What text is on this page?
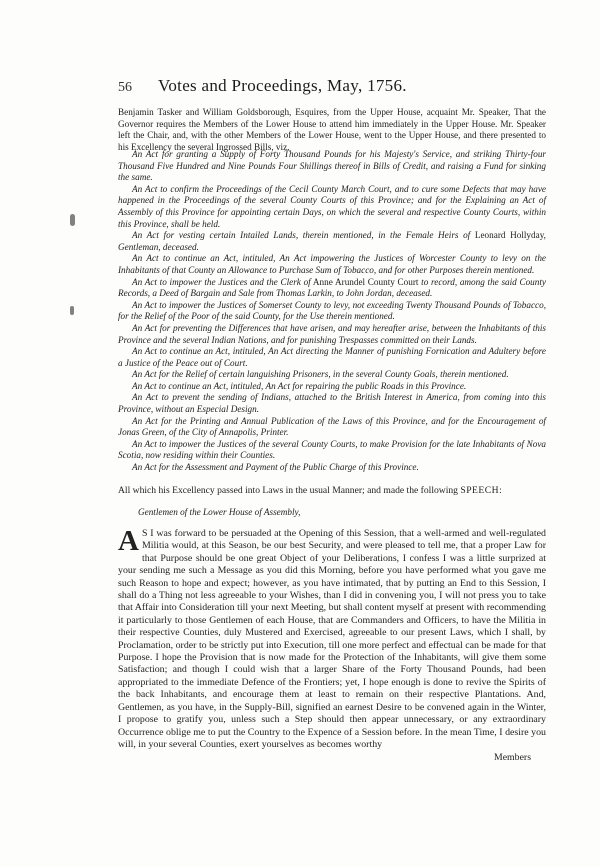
56	Votes and Proceedings, May, 1756.
Benjamin Tasker and William Goldsborough, Esquires, from the Upper House, acquaint Mr. Speaker, That the Governor requires the Members of the Lower House to attend him immediately in the Upper House. Mr. Speaker left the Chair, and, with the other Members of the Lower House, went to the Upper House, and there presented to his Excellency the several Ingrossed Bills, viz.
An Act for granting a Supply of Forty Thousand Pounds for his Majesty's Service, and striking Thirty-four Thousand Five Hundred and Nine Pounds Four Shillings thereof in Bills of Credit, and raising a Fund for sinking the same.
An Act to confirm the Proceedings of the Cecil County March Court, and to cure some Defects that may have happened in the Proceedings of the several County Courts of this Province; and for the Explaining an Act of Assembly of this Province for appointing certain Days, on which the several and respective County Courts, within this Province, shall be held.
An Act for vesting certain Intailed Lands, therein mentioned, in the Female Heirs of Leonard Hollyday, Gentleman, deceased.
An Act to continue an Act, intituled, An Act impowering the Justices of Worcester County to levy on the Inhabitants of that County an Allowance to Purchase Sum of Tobacco, and for other Purposes therein mentioned.
An Act to impower the Justices and the Clerk of Anne Arundel County Court to record, among the said County Records, a Deed of Bargain and Sale from Thomas Larkin, to John Jordan, deceased.
An Act to impower the Justices of Somerset County to levy, not exceeding Twenty Thousand Pounds of Tobacco, for the Relief of the Poor of the said County, for the Use therein mentioned.
An Act for preventing the Differences that have arisen, and may hereafter arise, between the Inhabitants of this Province and the several Indian Nations, and for punishing Trespasses committed on their Lands.
An Act to continue an Act, intituled, An Act directing the Manner of punishing Fornication and Adultery before a Justice of the Peace out of Court.
An Act for the Relief of certain languishing Prisoners, in the several County Goals, therein mentioned.
An Act to continue an Act, intituled, An Act for repairing the public Roads in this Province.
An Act to prevent the sending of Indians, attached to the British Interest in America, from coming into this Province, without an Especial Design.
An Act for the Printing and Annual Publication of the Laws of this Province, and for the Encouragement of Jonas Green, of the City of Annapolis, Printer.
An Act to impower the Justices of the several County Courts, to make Provision for the late Inhabitants of Nova Scotia, now residing within their Counties.
An Act for the Assessment and Payment of the Public Charge of this Province.
All which his Excellency passed into Laws in the usual Manner; and made the following SPEECH:
Gentlemen of the Lower House of Assembly,
A S I was forward to be persuaded at the Opening of this Session, that a well-armed and well-regulated Militia would, at this Season, be our best Security, and were pleased to tell me, that a proper Law for that Purpose should be one great Object of your Deliberations, I confess I was a little surprized at your sending me such a Message as you did this Morning, before you have performed what you gave me such Reason to hope and expect; however, as you have intimated, that by putting an End to this Session, I shall do a Thing not less agreeable to your Wishes, than I did in convening you, I will not press you to take that Affair into Consideration till your next Meeting, but shall content myself at present with recommending it particularly to those Gentlemen of each House, that are Commanders and Officers, to have the Militia in their respective Counties, duly Mustered and Exercised, agreeable to our present Laws, which I shall, by Proclamation, order to be strictly put into Execution, till one more perfect and effectual can be made for that Purpose. I hope the Provision that is now made for the Protection of the Inhabitants, will give them some Satisfaction; and though I could wish that a larger Share of the Forty Thousand Pounds, had been appropriated to the immediate Defence of the Frontiers; yet, I hope enough is done to revive the Spirits of the back Inhabitants, and encourage them at least to remain on their respective Plantations. And, Gentlemen, as you have, in the Supply-Bill, signified an earnest Desire to be convened again in the Winter, I propose to gratify you, unless such a Step should then appear unnecessary, or any extraordinary Occurrence oblige me to put the Country to the Expence of a Session before. In the mean Time, I desire you will, in your several Counties, exert yourselves as becomes worthy
Members
